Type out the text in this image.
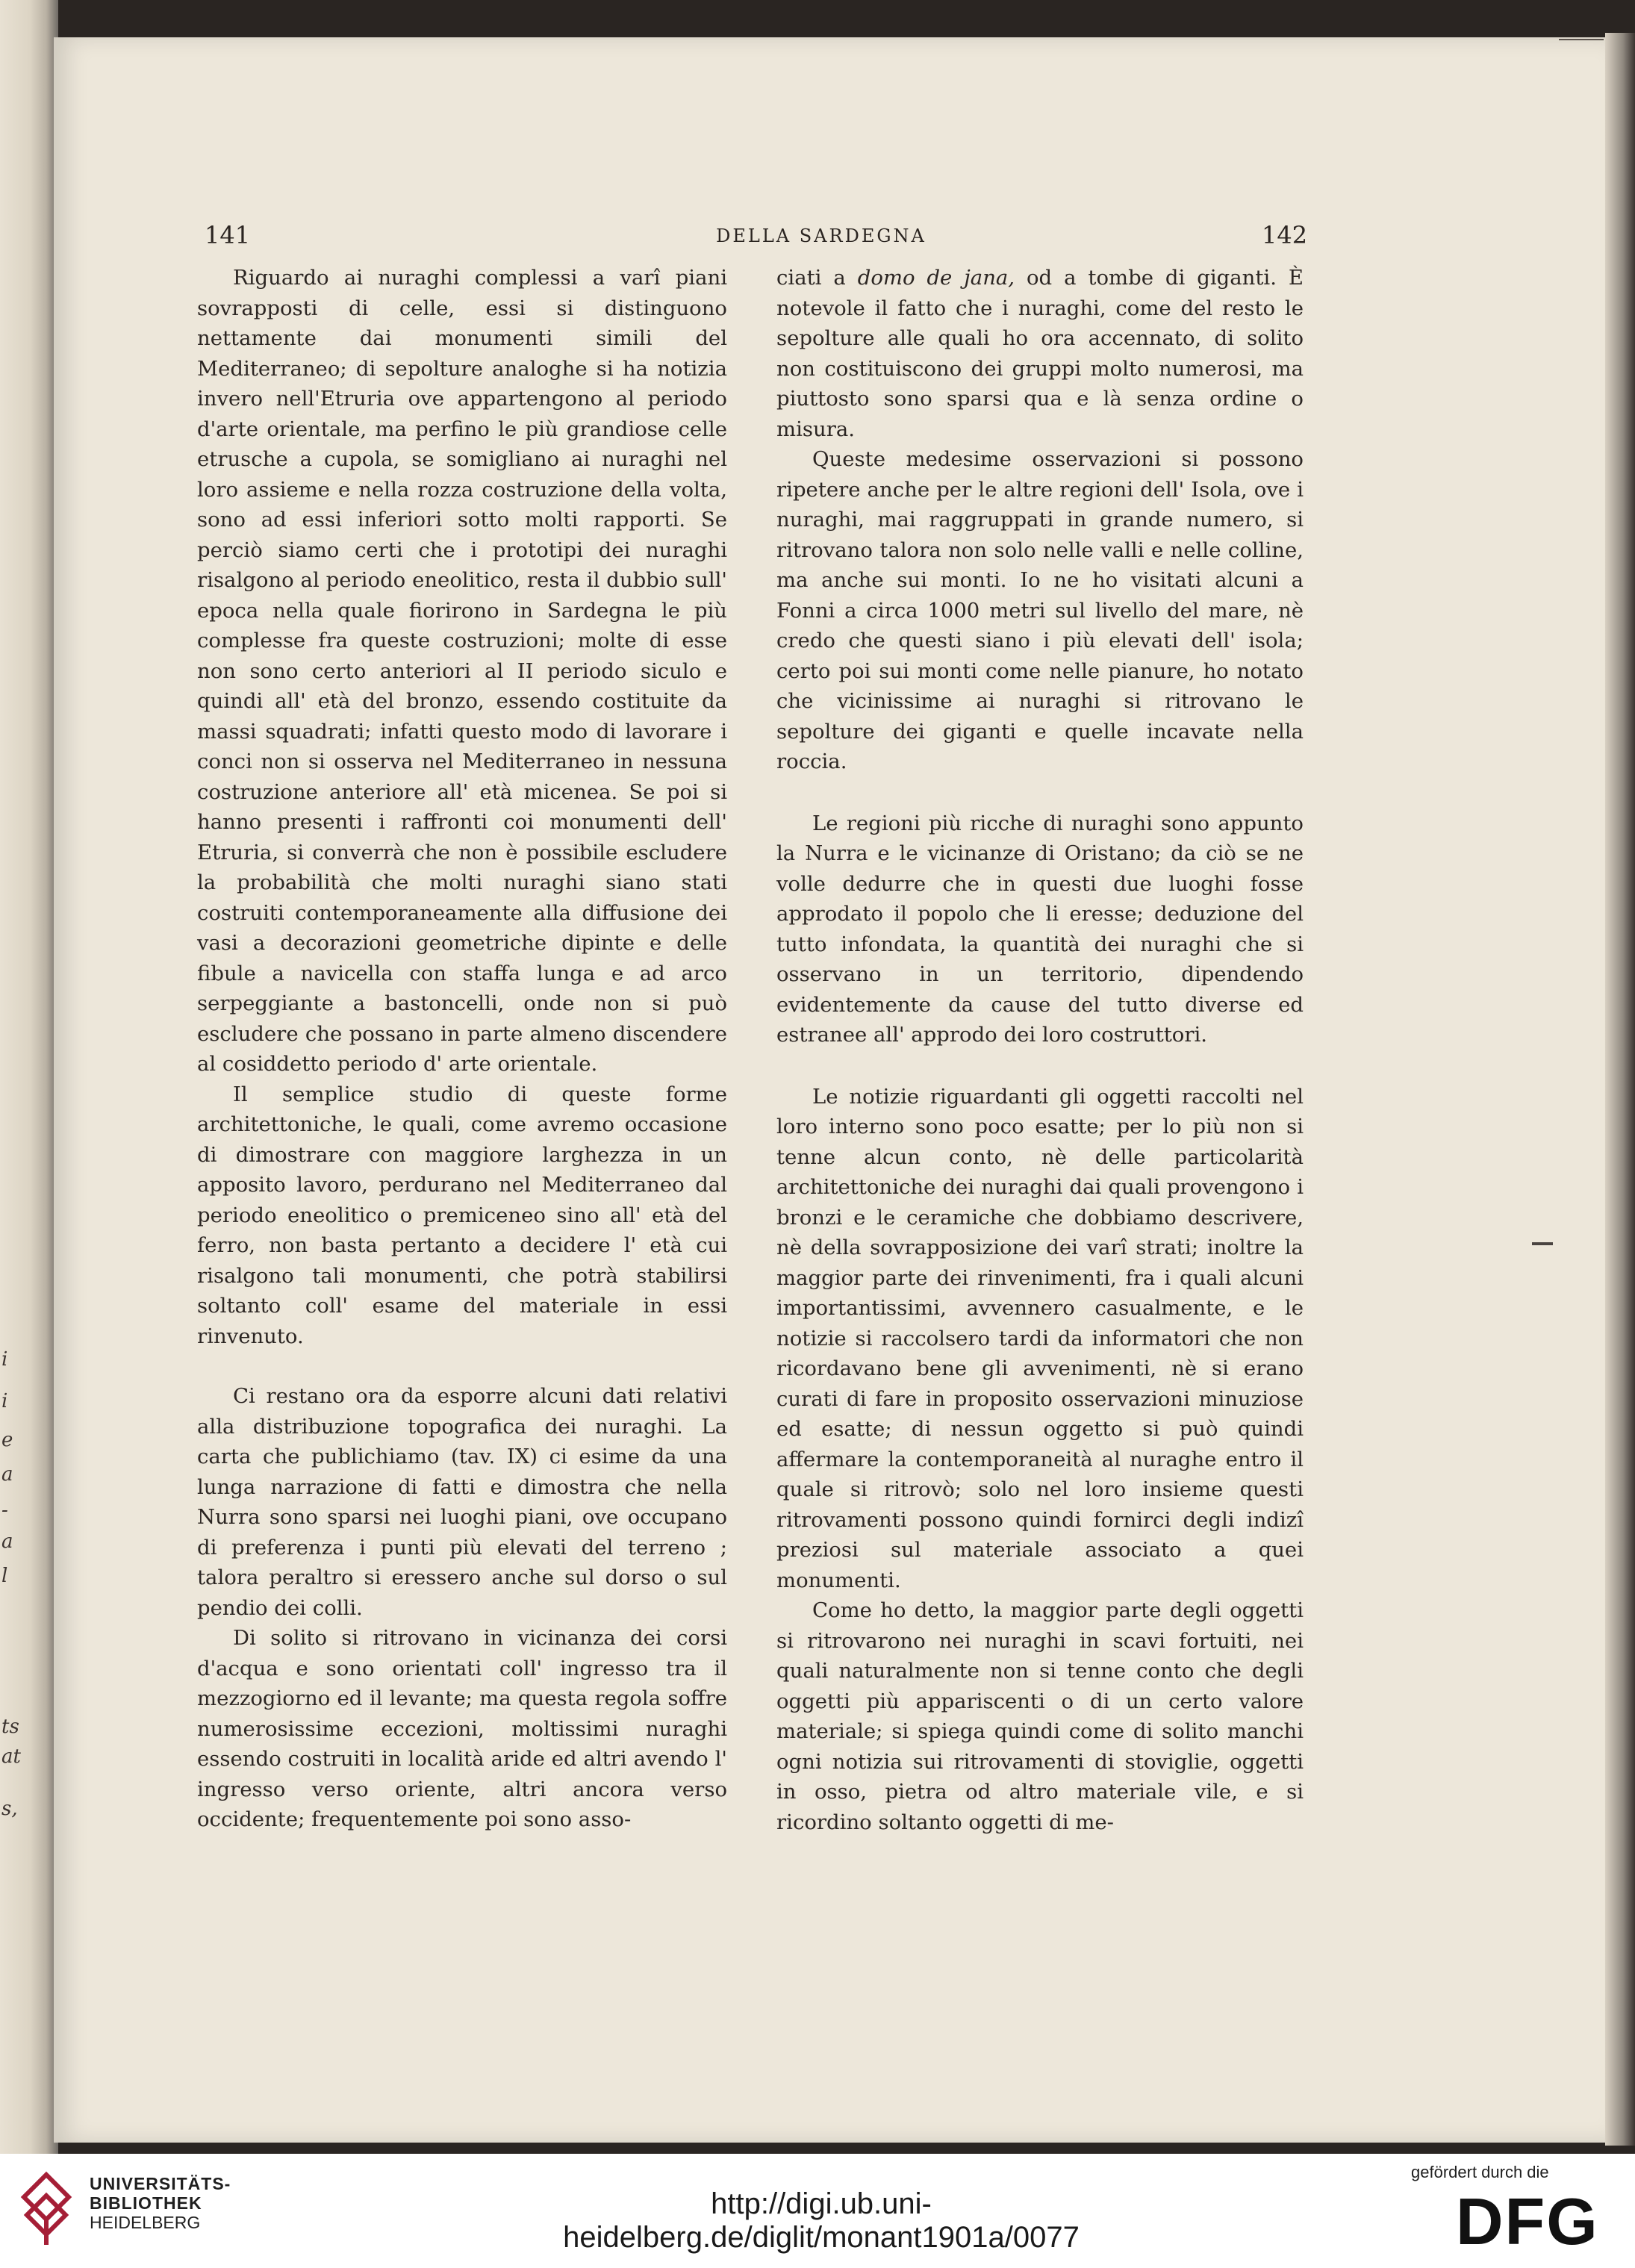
i
i
e
a
-
a
l
ts
at
s,
141	DELLA SARDEGNA	142

Riguardo ai nuraghi complessi a varî piani sovrapposti di celle, essi si distinguono nettamente dai monumenti simili del Mediterraneo; di sepolture analoghe si ha notizia invero nell'Etruria ove appartengono al periodo d'arte orientale, ma perfino le più grandiose celle etrusche a cupola, se somigliano ai nuraghi nel loro assieme e nella rozza costruzione della volta, sono ad essi inferiori sotto molti rapporti. Se perciò siamo certi che i prototipi dei nuraghi risalgono al periodo eneolitico, resta il dubbio sull' epoca nella quale fiorirono in Sardegna le più complesse fra queste costruzioni; molte di esse non sono certo anteriori al II periodo siculo e quindi all' età del bronzo, essendo costituite da massi squadrati; infatti questo modo di lavorare i conci non si osserva nel Mediterraneo in nessuna costruzione anteriore all' età micenea. Se poi si hanno presenti i raffronti coi monumenti dell' Etruria, si converrà che non è possibile escludere la probabilità che molti nuraghi siano stati costruiti contemporaneamente alla diffusione dei vasi a decorazioni geometriche dipinte e delle fibule a navicella con staffa lunga e ad arco serpeggiante a bastoncelli, onde non si può escludere che possano in parte almeno discendere al cosiddetto periodo d' arte orientale.

Il semplice studio di queste forme architettoniche, le quali, come avremo occasione di dimostrare con maggiore larghezza in un apposito lavoro, perdurano nel Mediterraneo dal periodo eneolitico o premiceneo sino all' età del ferro, non basta pertanto a decidere l' età cui risalgono tali monumenti, che potrà stabilirsi soltanto coll' esame del materiale in essi rinvenuto.

Ci restano ora da esporre alcuni dati relativi alla distribuzione topografica dei nuraghi. La carta che publichiamo (tav. IX) ci esime da una lunga narrazione di fatti e dimostra che nella Nurra sono sparsi nei luoghi piani, ove occupano di preferenza i punti più elevati del terreno ; talora peraltro si eressero anche sul dorso o sul pendio dei colli.

Di solito si ritrovano in vicinanza dei corsi d'acqua e sono orientati coll' ingresso tra il mezzogiorno ed il levante; ma questa regola soffre numerosissime eccezioni, moltissimi nuraghi essendo costruiti in località aride ed altri avendo l' ingresso verso oriente, altri ancora verso occidente; frequentemente poi sono asso-

ciati a domo de jana, od a tombe di giganti. È notevole il fatto che i nuraghi, come del resto le sepolture alle quali ho ora accennato, di solito non costituiscono dei gruppi molto numerosi, ma piuttosto sono sparsi qua e là senza ordine o misura.

Queste medesime osservazioni si possono ripetere anche per le altre regioni dell' Isola, ove i nuraghi, mai raggruppati in grande numero, si ritrovano talora non solo nelle valli e nelle colline, ma anche sui monti. Io ne ho visitati alcuni a Fonni a circa 1000 metri sul livello del mare, nè credo che questi siano i più elevati dell' isola; certo poi sui monti come nelle pianure, ho notato che vicinissime ai nuraghi si ritrovano le sepolture dei giganti e quelle incavate nella roccia.

Le regioni più ricche di nuraghi sono appunto la Nurra e le vicinanze di Oristano; da ciò se ne volle dedurre che in questi due luoghi fosse approdato il popolo che li eresse; deduzione del tutto infondata, la quantità dei nuraghi che si osservano in un territorio, dipendendo evidentemente da cause del tutto diverse ed estranee all' approdo dei loro costruttori.

Le notizie riguardanti gli oggetti raccolti nel loro interno sono poco esatte; per lo più non si tenne alcun conto, nè delle particolarità architettoniche dei nuraghi dai quali provengono i bronzi e le ceramiche che dobbiamo descrivere, nè della sovrapposizione dei varî strati; inoltre la maggior parte dei rinvenimenti, fra i quali alcuni importantissimi, avvennero casualmente, e le notizie si raccolsero tardi da informatori che non ricordavano bene gli avvenimenti, nè si erano curati di fare in proposito osservazioni minuziose ed esatte; di nessun oggetto si può quindi affermare la contemporaneità al nuraghe entro il quale si ritrovò; solo nel loro insieme questi ritrovamenti possono quindi fornirci degli indizî preziosi sul materiale associato a quei monumenti.

Come ho detto, la maggior parte degli oggetti si ritrovarono nei nuraghi in scavi fortuiti, nei quali naturalmente non si tenne conto che degli oggetti più appariscenti o di un certo valore materiale; si spiega quindi come di solito manchi ogni notizia sui ritrovamenti di stoviglie, oggetti in osso, pietra od altro materiale vile, e si ricordino soltanto oggetti di me-

UNIVERSITÄTS-
BIBLIOTHEK
HEIDELBERG
http://digi.ub.uni-heidelberg.de/diglit/monant1901a/0077
gefördert durch die
DFG
